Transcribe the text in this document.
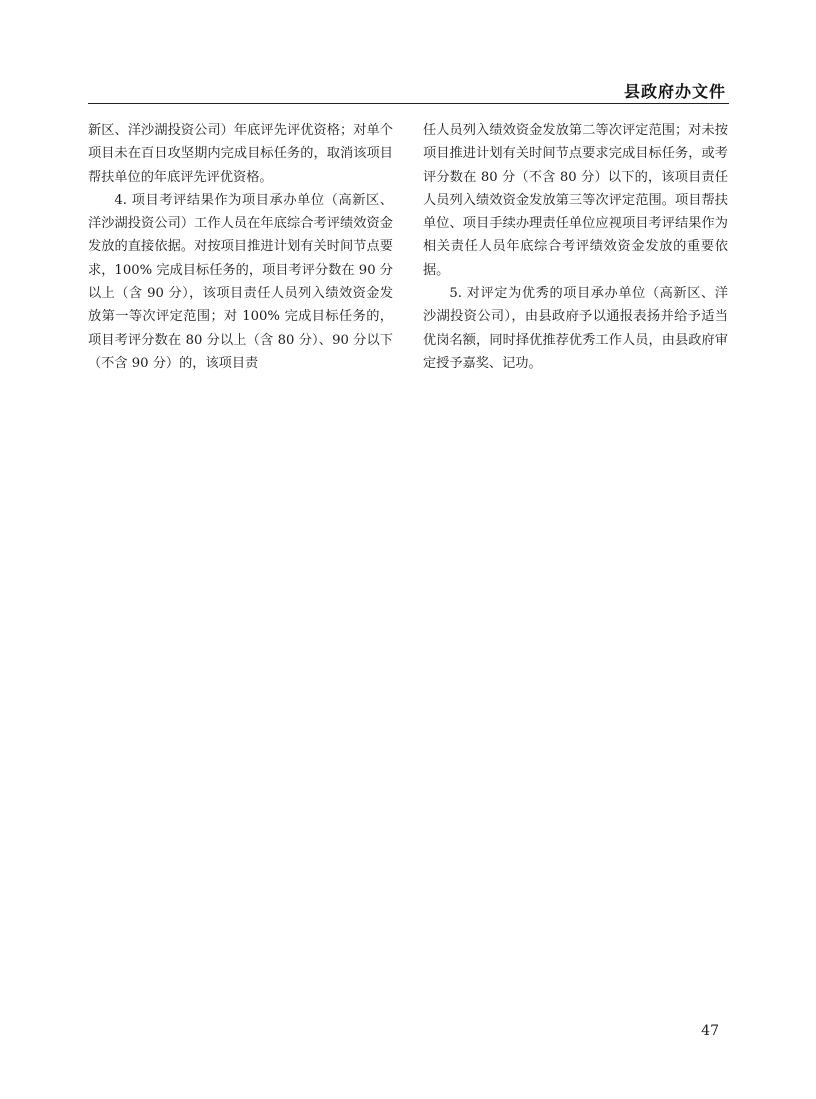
县政府办文件

新区、洋沙湖投资公司）年底评先评优资格；对单个项目未在百日攻坚期内完成目标任务的，取消该项目帮扶单位的年底评先评优资格。

4. 项目考评结果作为项目承办单位（高新区、洋沙湖投资公司）工作人员在年底综合考评绩效资金发放的直接依据。对按项目推进计划有关时间节点要求，100% 完成目标任务的，项目考评分数在 90 分以上（含 90 分），该项目责任人员列入绩效资金发放第一等次评定范围；对 100% 完成目标任务的，项目考评分数在 80 分以上（含 80 分）、90 分以下（不含 90 分）的，该项目责

任人员列入绩效资金发放第二等次评定范围；对未按项目推进计划有关时间节点要求完成目标任务，或考评分数在 80 分（不含 80 分）以下的，该项目责任人员列入绩效资金发放第三等次评定范围。项目帮扶单位、项目手续办理责任单位应视项目考评结果作为相关责任人员年底综合考评绩效资金发放的重要依据。

5. 对评定为优秀的项目承办单位（高新区、洋沙湖投资公司），由县政府予以通报表扬并给予适当优岗名额，同时择优推荐优秀工作人员，由县政府审定授予嘉奖、记功。

47
